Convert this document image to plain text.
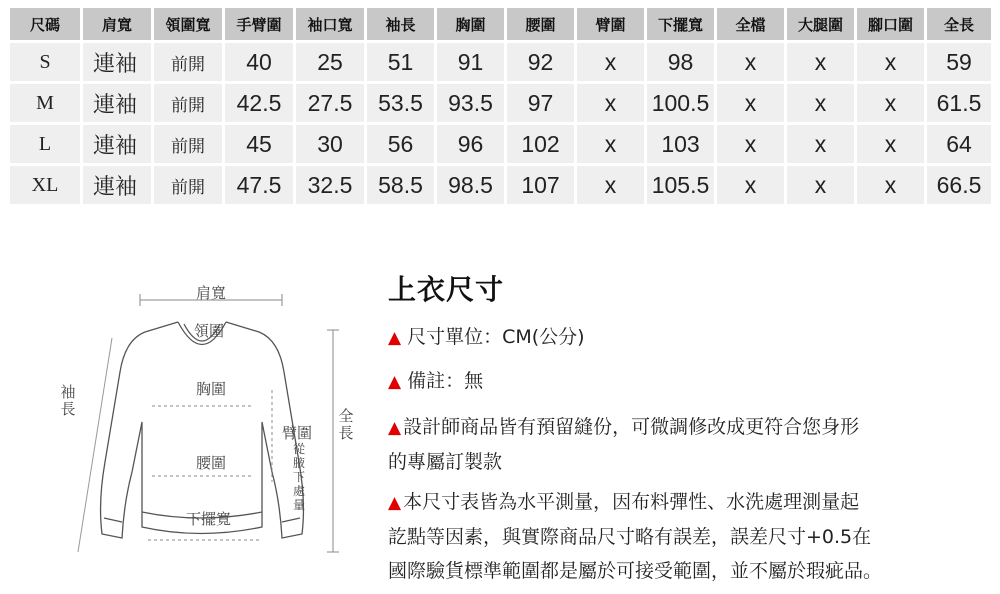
尺碼	肩寬	領圍寬	手臂圍	袖口寬	袖長	胸圍	腰圍	臂圍	下擺寬	全檔	大腿圍	腳口圍	全長
S	連袖	前開	40	25	51	91	92	x	98	x	x	x	59
M	連袖	前開	42.5	27.5	53.5	93.5	97	x	100.5	x	x	x	61.5
L	連袖	前開	45	30	56	96	102	x	103	x	x	x	64
XL	連袖	前開	47.5	32.5	58.5	98.5	107	x	105.5	x	x	x	66.5
肩寬
領圍
胸圍
腰圍
下擺寬
袖長	全長
臂圍
從腋下處量
上衣尺寸
▲ 尺寸單位：CM(公分)
▲ 備註：無
▲ 設計師商品皆有預留縫份，可微調修改成更符合您身形
的專屬訂製款
▲ 本尺寸表皆為水平測量，因布料彈性、水洗處理測量起
訖點等因素，與實際商品尺寸略有誤差，誤差尺寸+0.5在
國際驗貨標準範圍都是屬於可接受範圍，並不屬於瑕疵品。
